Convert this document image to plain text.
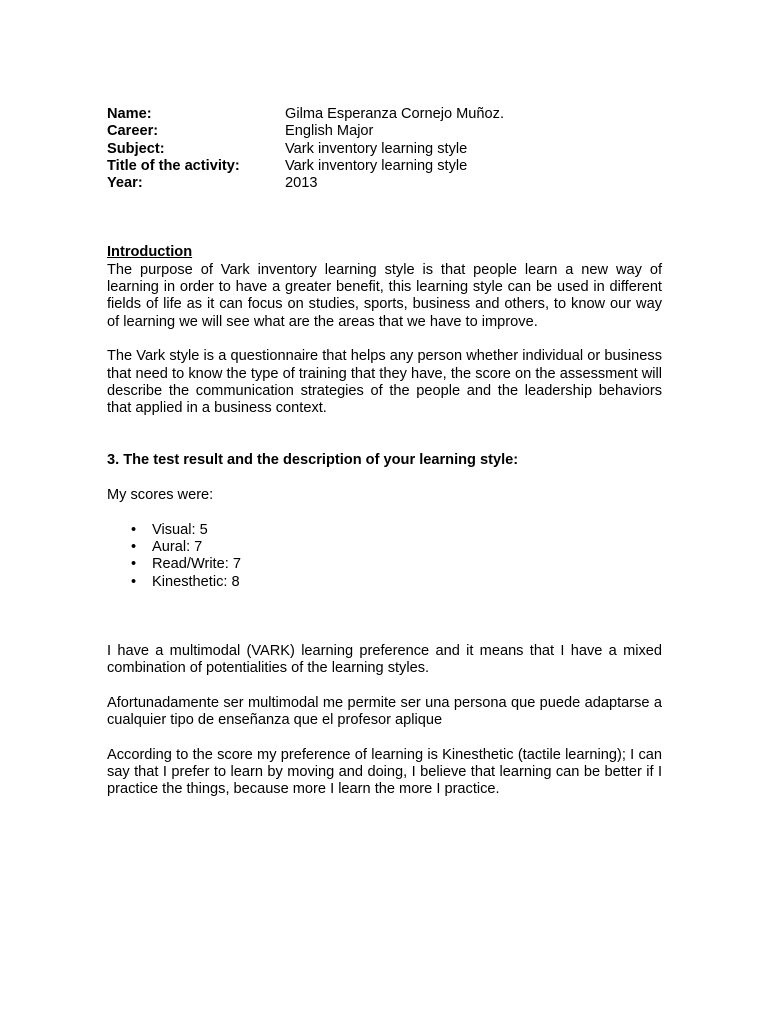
Name:	Gilma Esperanza Cornejo Muñoz.
Career:	English Major
Subject:	Vark inventory learning style
Title of the activity:	Vark inventory learning style
Year:	2013
Introduction

The purpose of Vark inventory learning style is that people learn a new way of learning in order to have a greater benefit, this learning style can be used in different fields of life as it can focus on studies, sports, business and others, to know our way of learning we will see what are the areas that we have to improve.

The Vark style is a questionnaire that helps any person whether individual or business that need to know the type of training that they have, the score on the assessment will describe the communication strategies of the people and the leadership behaviors that applied in a business context.

3. The test result and the description of your learning style:

My scores were:

• Visual: 5
• Aural: 7
• Read/Write: 7
• Kinesthetic: 8

I have a multimodal (VARK) learning preference and it means that I have a mixed combination of potentialities of the learning styles.

Afortunadamente ser multimodal me permite ser una persona que puede adaptarse a cualquier tipo de enseñanza que el profesor aplique

According to the score my preference of learning is Kinesthetic (tactile learning); I can say that I prefer to learn by moving and doing, I believe that learning can be better if I practice the things, because more I learn the more I practice.
